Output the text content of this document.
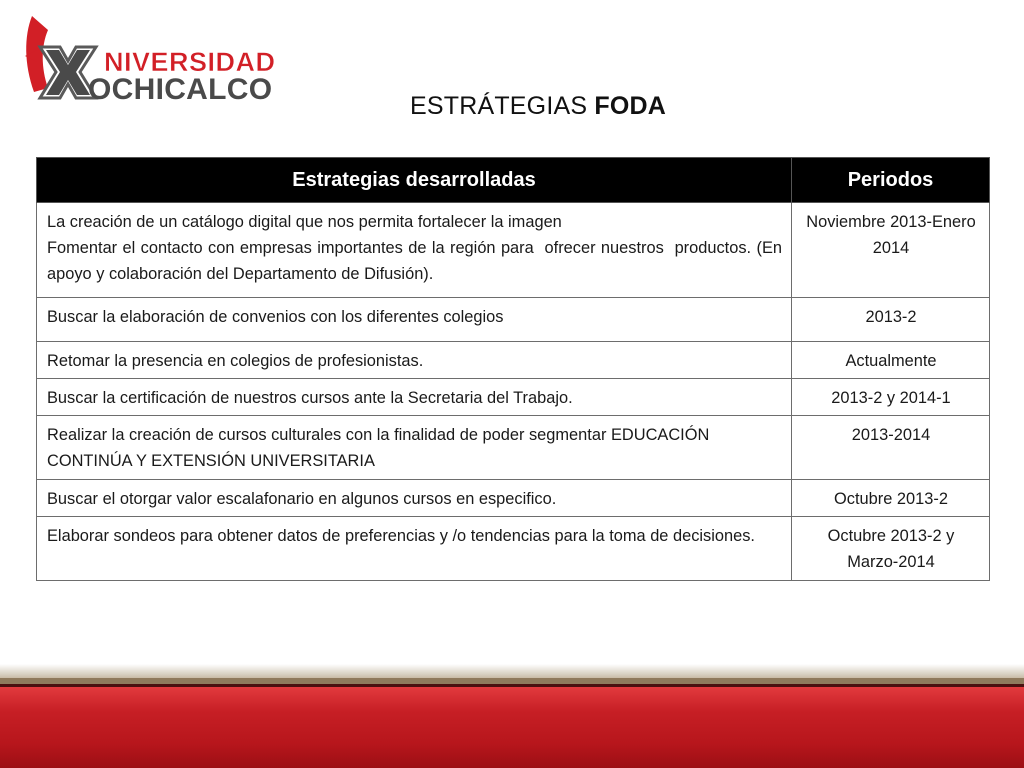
NIVERSIDAD
OCHICALCO	ESTRÁTEGIAS FODA
Estrategias desarrolladas	Periodos
La creación de un catálogo digital que nos permita fortalecer la imagen
Fomentar el contacto con empresas importantes de la región para  ofrecer nuestros  productos. (En apoyo y colaboración del Departamento de Difusión).	Noviembre 2013-Enero 2014
Buscar la elaboración de convenios con los diferentes colegios	2013-2
Retomar la presencia en colegios de profesionistas.	Actualmente
Buscar la certificación de nuestros cursos ante la Secretaria del Trabajo.	2013-2 y 2014-1
Realizar la creación de cursos culturales con la finalidad de poder segmentar EDUCACIÓN CONTINÚA Y EXTENSIÓN UNIVERSITARIA	2013-2014
Buscar el otorgar valor escalafonario en algunos cursos en especifico.	Octubre 2013-2
Elaborar sondeos para obtener datos de preferencias y /o tendencias para la toma de decisiones.	Octubre 2013-2 y Marzo-2014
